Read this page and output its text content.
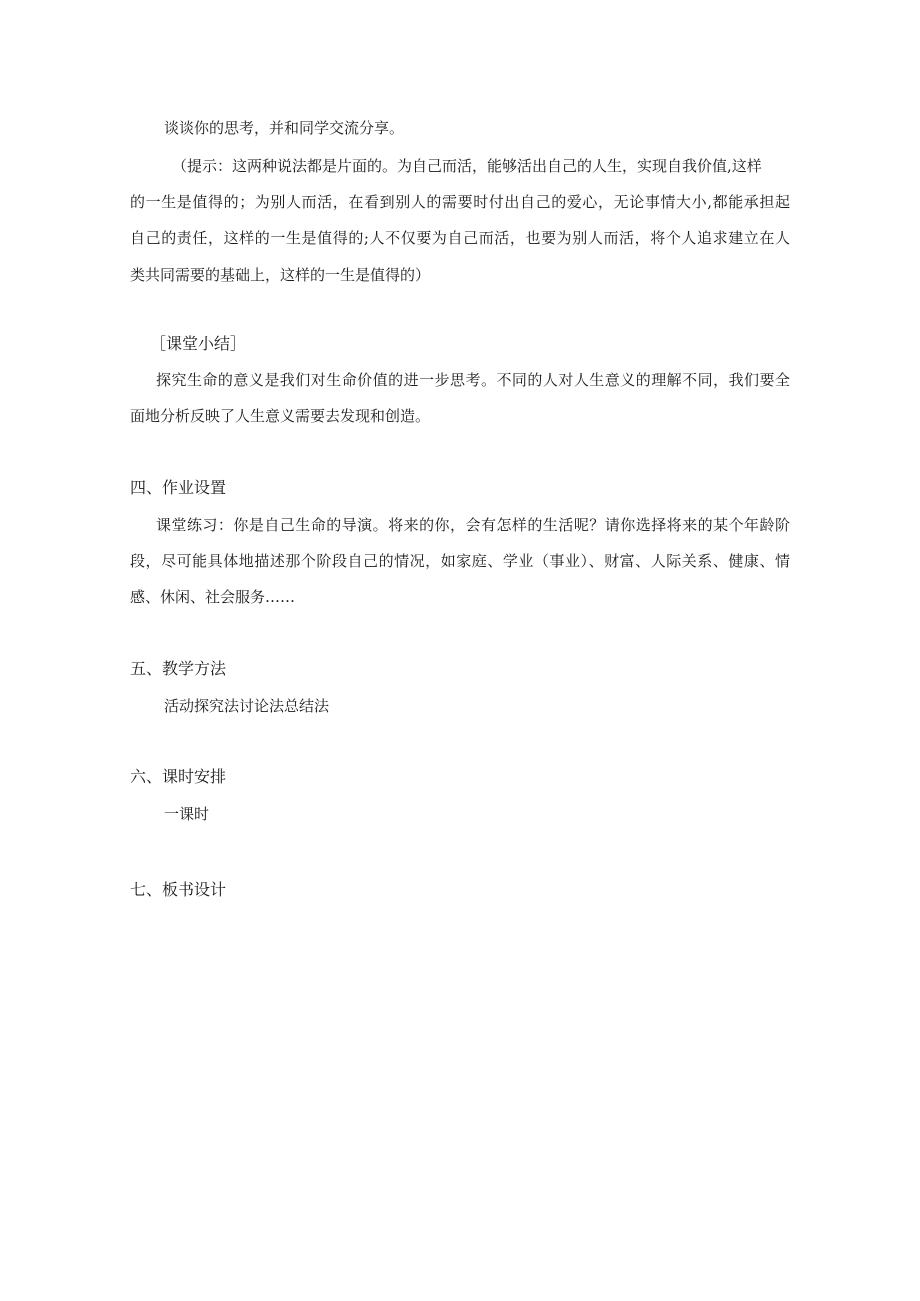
谈谈你的思考，并和同学交流分享。
（提示：这两种说法都是片面的。为自己而活，能够活出自己的人生，实现自我价值,这样
的一生是值得的；为别人而活，在看到别人的需要时付出自己的爱心，无论事情大小,都能承担起
自己的责任，这样的一生是值得的;人不仅要为自己而活，也要为别人而活，将个人追求建立在人
类共同需要的基础上，这样的一生是值得的）
［课堂小结］
探究生命的意义是我们对生命价值的进一步思考。不同的人对人生意义的理解不同，我们要全
面地分析反映了人生意义需要去发现和创造。
四、作业设置
课堂练习：你是自己生命的导演。将来的你，会有怎样的生活呢？请你选择将来的某个年龄阶
段，尽可能具体地描述那个阶段自己的情况，如家庭、学业（事业）、财富、人际关系、健康、情
感、休闲、社会服务……
五、教学方法
活动探究法讨论法总结法
六、课时安排
一课时
七、板书设计
